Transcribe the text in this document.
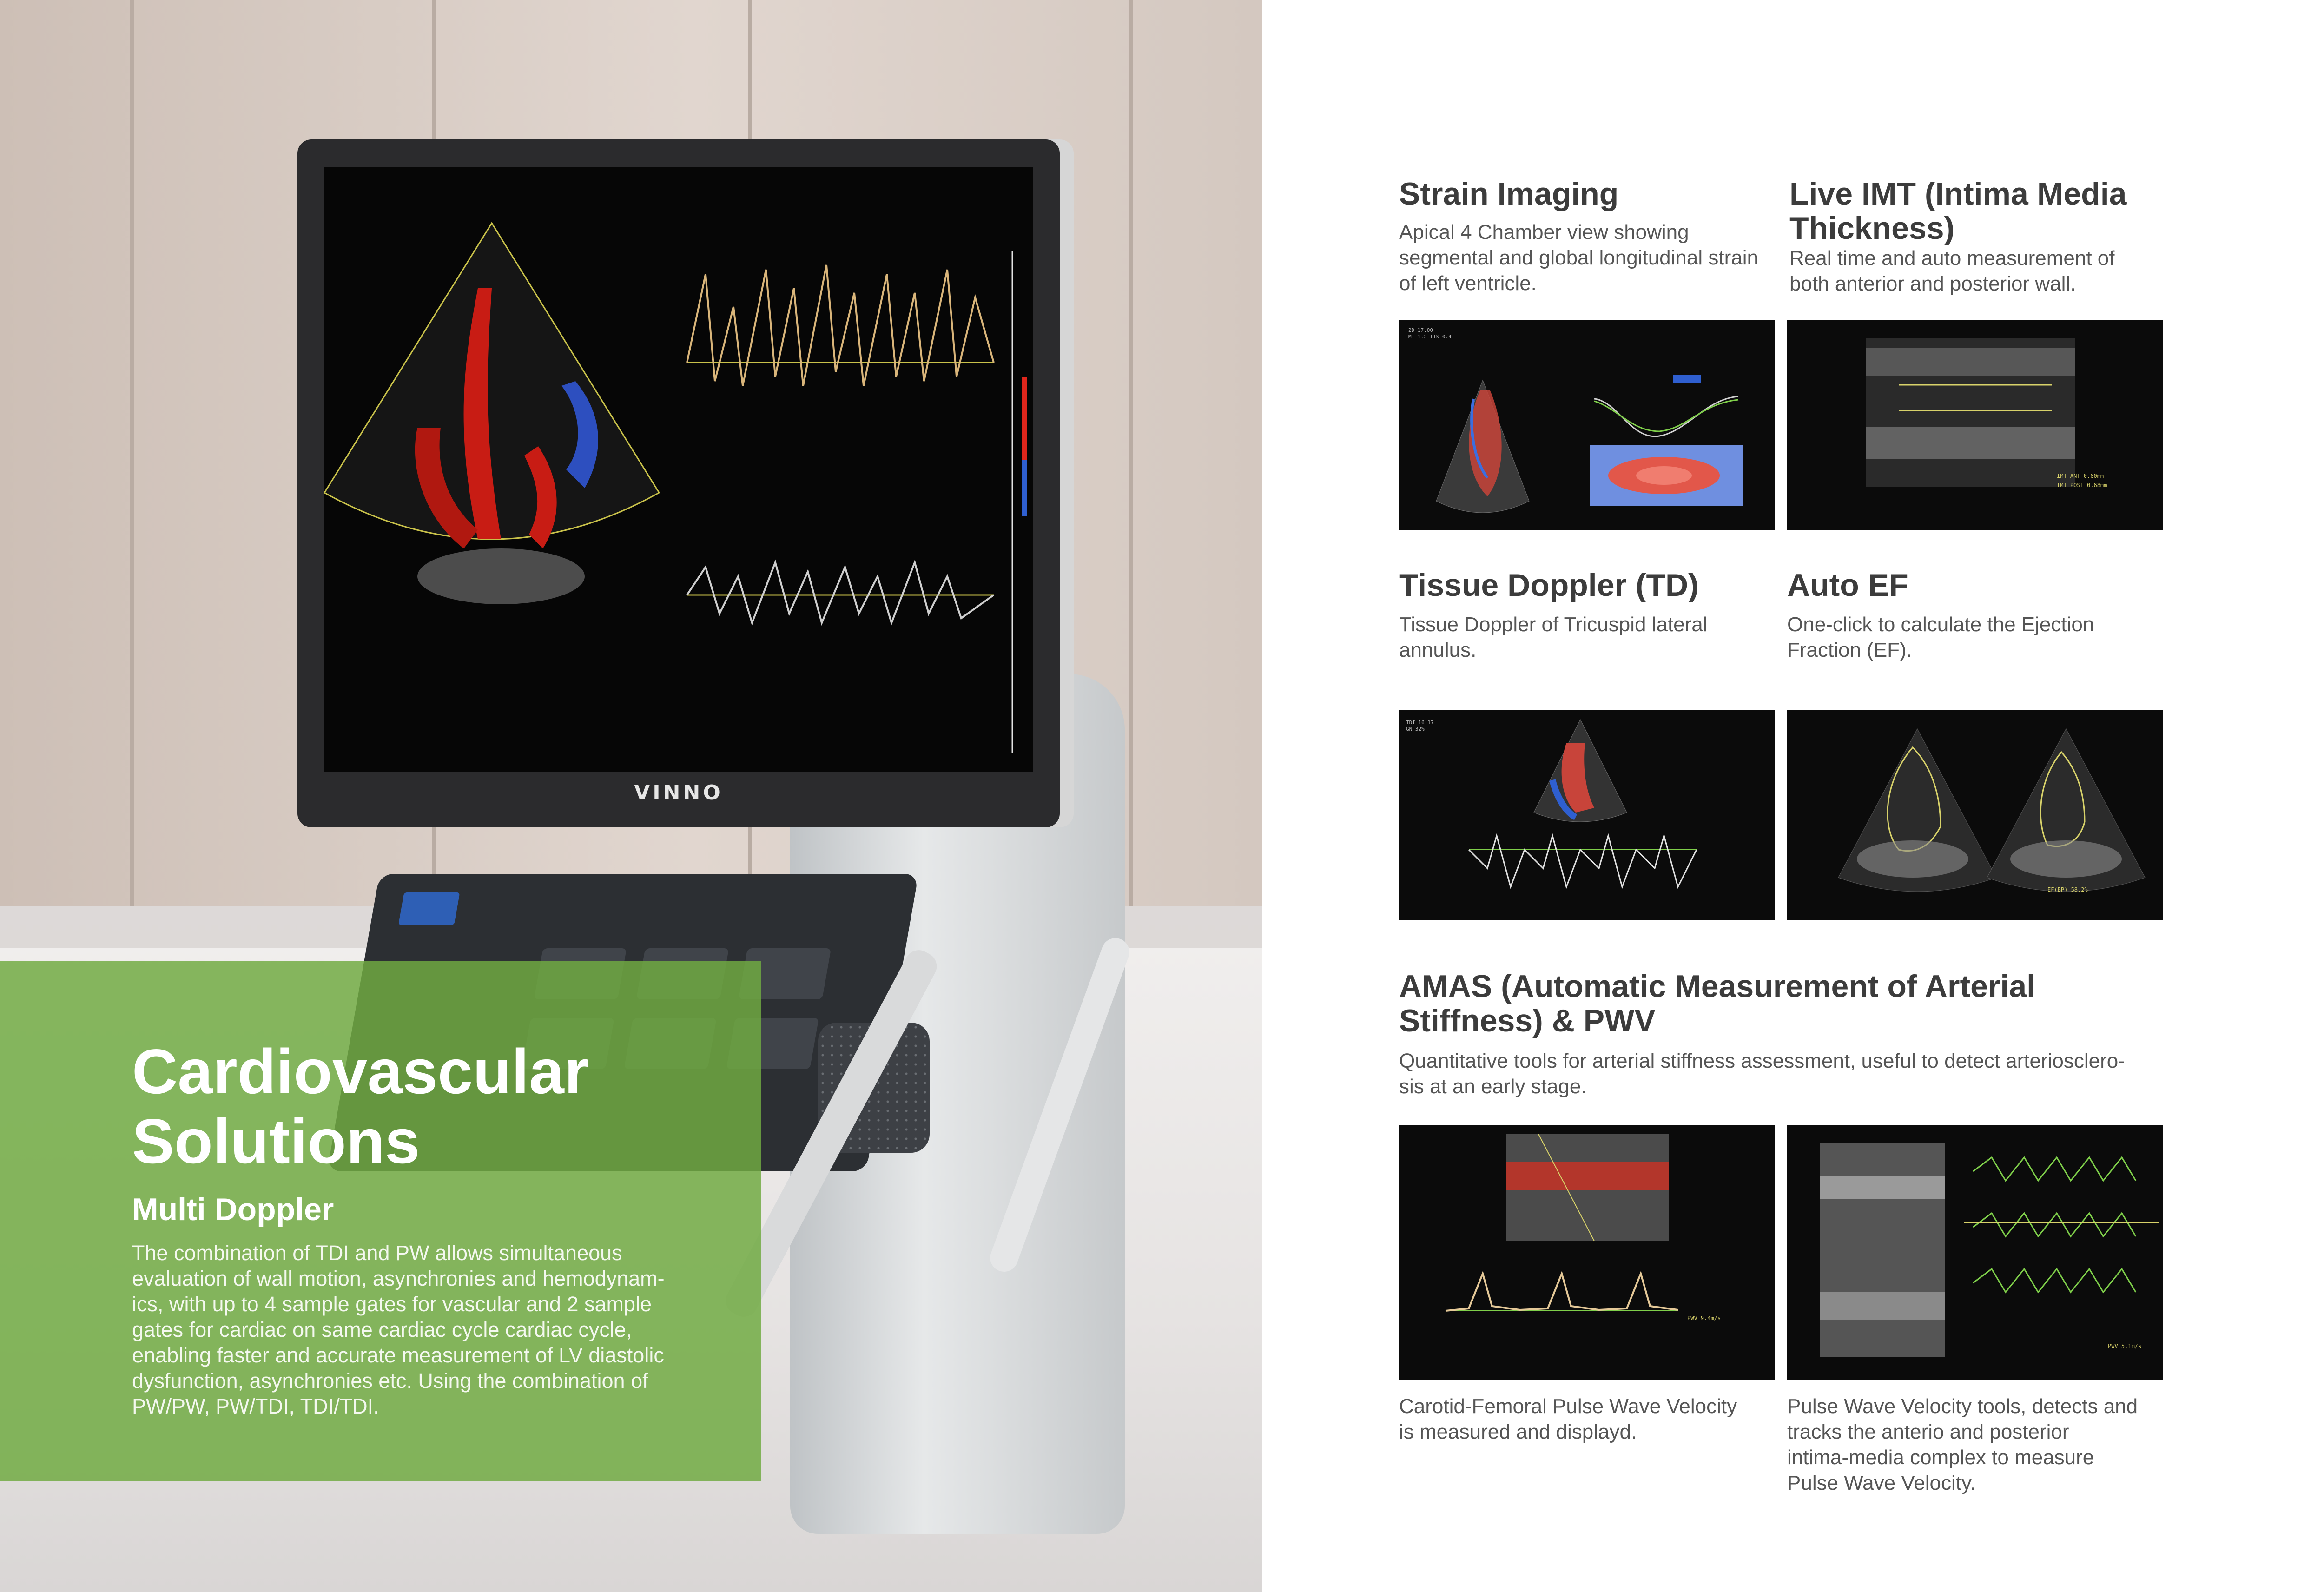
VINNO
Cardiovascular
Solutions
Multi Doppler
The combination of TDI and PW allows simultaneous
evaluation of wall motion, asynchronies and hemodynam-
ics, with up to 4 sample gates for vascular and 2 sample
gates for cardiac on same cardiac cycle cardiac cycle,
enabling faster and accurate measurement of LV diastolic
dysfunction, asynchronies etc. Using the combination of
PW/PW, PW/TDI, TDI/TDI.

Strain Imaging

Apical 4 Chamber view showing

segmental and global longitudinal strain

of left ventricle.

Live IMT (Intima Media

Thickness)

Real time and auto measurement of

both anterior and posterior wall.

2D 17.00
MI 1.2 TIS 0.4
IMT ANT 0.60mm
IMT POST 0.68mm

Tissue Doppler (TD)

Tissue Doppler of Tricuspid lateral

annulus.

Auto EF

One-click to calculate the Ejection

Fraction (EF).

TDI 16.17
GN 32%
EF(BP) 58.2%

AMAS (Automatic Measurement of Arterial

Stiffness) & PWV

Quantitative tools for arterial stiffness assessment, useful to detect arteriosclero-

sis at an early stage.

PWV 9.4m/s
PWV 5.1m/s

Carotid-Femoral Pulse Wave Velocity

is measured and displayd.

Pulse Wave Velocity tools, detects and

tracks the anterio and posterior

intima-media complex to measure

Pulse Wave Velocity.
